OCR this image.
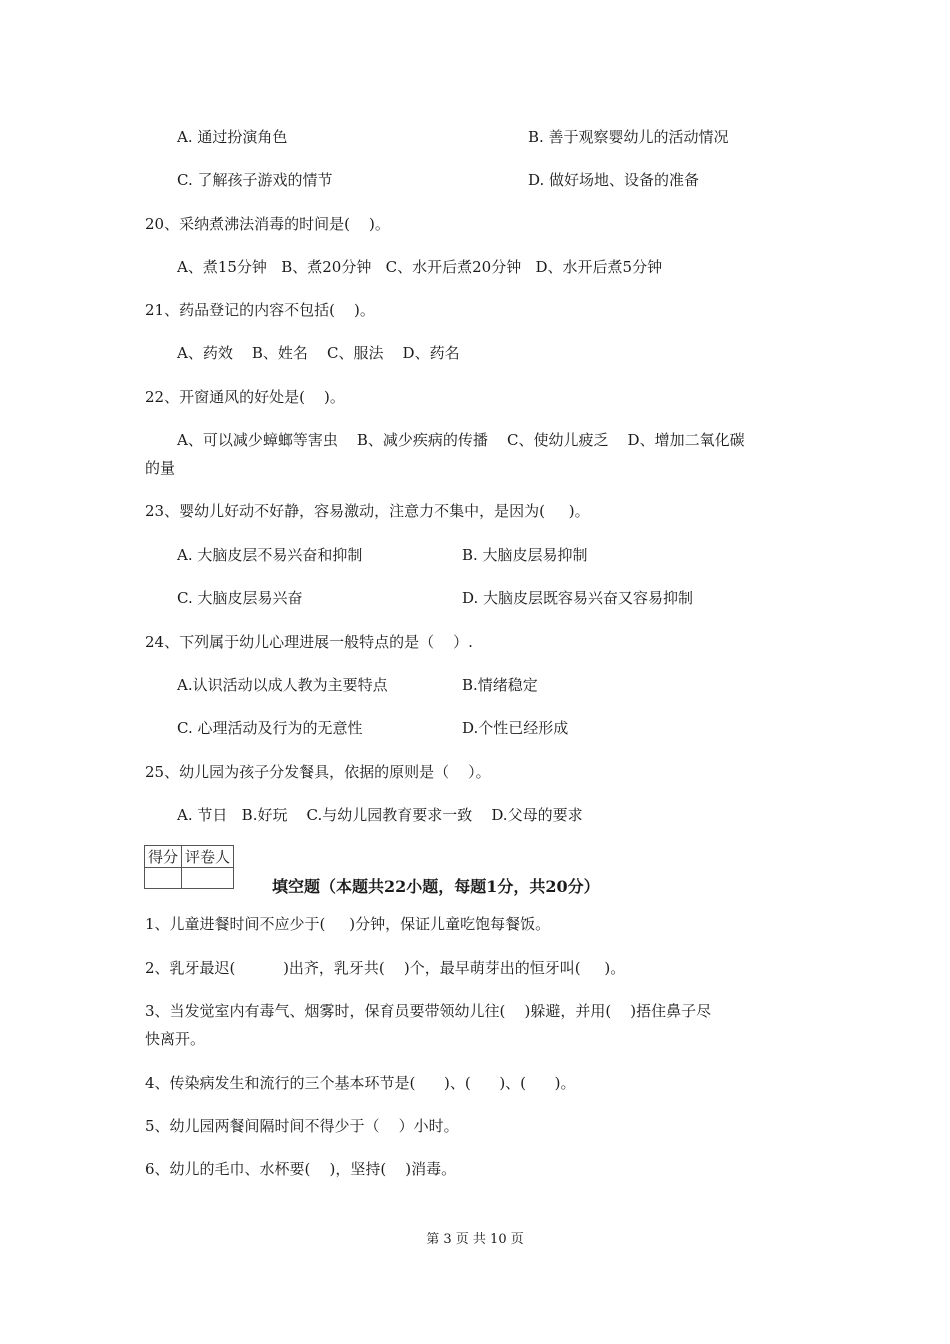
A. 通过扮演角色	B. 善于观察婴幼儿的活动情况
C. 了解孩子游戏的情节	D. 做好场地、设备的准备
20、采纳煮沸法消毒的时间是(    )。
A、煮15分钟   B、煮20分钟   C、水开后煮20分钟   D、水开后煮5分钟
21、药品登记的内容不包括(    )。
A、药效    B、姓名    C、服法    D、药名
22、开窗通风的好处是(    )。
A、可以减少蟑螂等害虫    B、减少疾病的传播    C、使幼儿疲乏    D、增加二氧化碳
的量
23、婴幼儿好动不好静，容易激动，注意力不集中，是因为(     )。
A. 大脑皮层不易兴奋和抑制	B. 大脑皮层易抑制
C. 大脑皮层易兴奋	D. 大脑皮层既容易兴奋又容易抑制
24、下列属于幼儿心理进展一般特点的是（    ）.
A.认识活动以成人教为主要特点	B.情绪稳定
C. 心理活动及行为的无意性	D.个性已经形成
25、幼儿园为孩子分发餐具，依据的原则是（    ）。
A. 节日   B.好玩    C.与幼儿园教育要求一致    D.父母的要求
得分	评卷人

填空题（本题共22小题，每题1分，共20分）
1、儿童进餐时间不应少于(     )分钟，保证儿童吃饱每餐饭。
2、乳牙最迟(          )出齐，乳牙共(    )个，最早萌芽出的恒牙叫(     )。
3、当发觉室内有毒气、烟雾时，保育员要带领幼儿往(    )躲避，并用(    )捂住鼻子尽
快离开。
4、传染病发生和流行的三个基本环节是(      )、(      )、(      )。
5、幼儿园两餐间隔时间不得少于（    ）小时。
6、幼儿的毛巾、水杯要(    )，坚持(    )消毒。
第 3 页 共 10 页
